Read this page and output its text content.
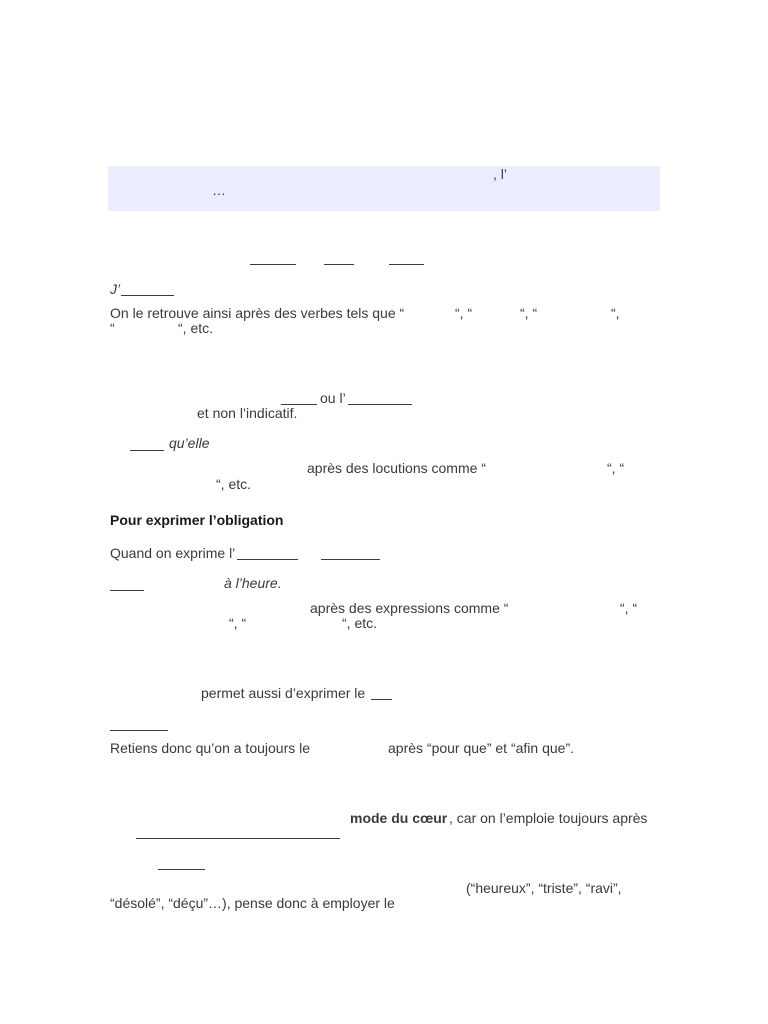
, l’
…
J’
On le retrouve ainsi après des verbes tels que “	“, “	“, “	“,
“	“, etc.
ou l’
et non l’indicatif.
qu’elle
après des locutions comme “	“, “
“, etc.
Pour exprimer l’obligation
Quand on exprime l’
à l’heure.
après des expressions comme “	“, “
“, “	“, etc.
permet aussi d’exprimer le
Retiens donc qu’on a toujours le	après “pour que” et “afin que”.
mode du cœur , car on l’emploie toujours après
(“heureux”, “triste”, “ravi”,
“désolé”, “déçu”…), pense donc à employer le
